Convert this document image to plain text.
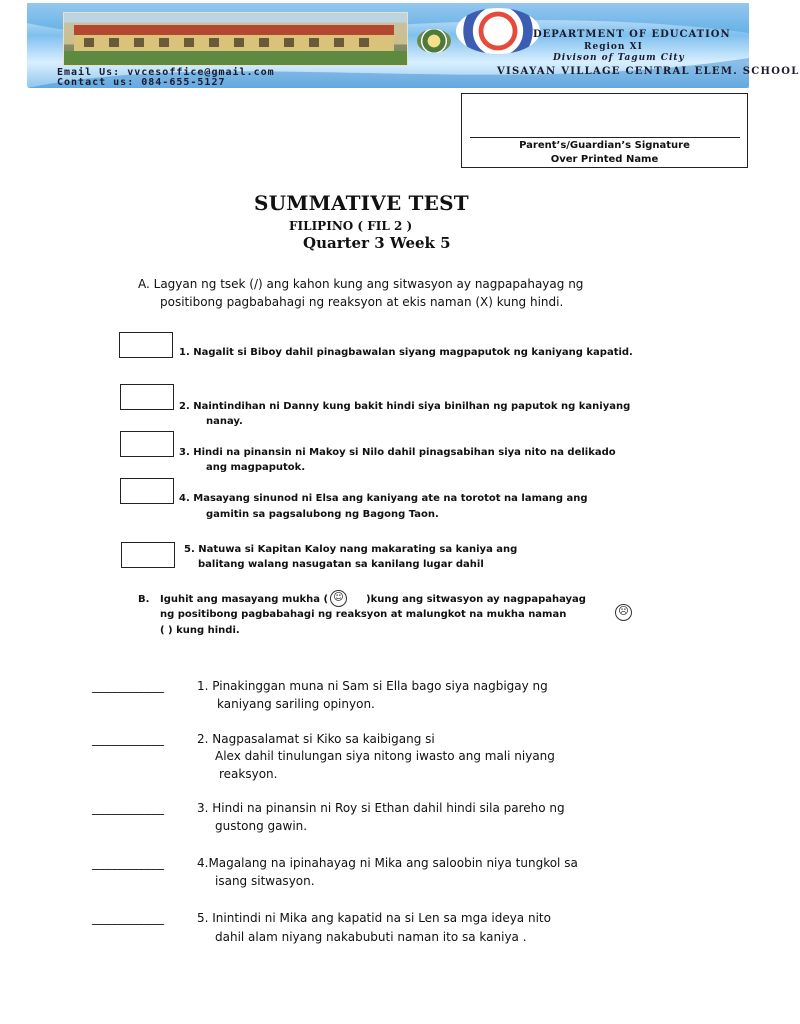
DEPARTMENT OF EDUCATION
Region XI
Divison of Tagum City
VISAYAN VILLAGE CENTRAL ELEM. SCHOOL
Email Us: vvcesoffice@gmail.com
Contact us: 084-655-5127
Parent’s/Guardian’s Signature
Over Printed Name
SUMMATIVE TEST
FILIPINO ( FIL 2 )
Quarter 3 Week 5
A. Lagyan ng tsek (/) ang kahon kung ang sitwasyon ay nagpapahayag ng
positibong pagbabahagi ng reaksyon at ekis naman (X) kung hindi.
1. Nagalit si Biboy dahil pinagbawalan siyang magpaputok ng kaniyang kapatid.
2. Naintindihan ni Danny kung bakit hindi siya binilhan ng paputok ng kaniyang
nanay.
3. Hindi na pinansin ni Makoy si Nilo dahil pinagsabihan siya nito na delikado
ang magpaputok.
4. Masayang sinunod ni Elsa ang kaniyang ate na torotot na lamang ang
gamitin sa pagsalubong ng Bagong Taon.
5. Natuwa si Kapitan Kaloy nang makarating sa kaniya ang
balitang walang nasugatan sa kanilang lugar dahil
B. Iguhit ang masayang mukha ( ☺	)kung ang sitwasyon ay nagpapahayag
ng positibong pagbabahagi ng reaksyon at malungkot na mukha naman	☹
( ) kung hindi.
_____________	1. Pinakinggan muna ni Sam si Ella bago siya nagbigay ng
kaniyang sariling opinyon.
_____________	2. Nagpasalamat si Kiko sa kaibigang si
Alex dahil tinulungan siya nitong iwasto ang mali niyang
reaksyon.
_____________	3. Hindi na pinansin ni Roy si Ethan dahil hindi sila pareho ng
gustong gawin.
_____________	4.Magalang na ipinahayag ni Mika ang saloobin niya tungkol sa
isang sitwasyon.
_____________	5. Inintindi ni Mika ang kapatid na si Len sa mga ideya nito
dahil alam niyang nakabubuti naman ito sa kaniya .
